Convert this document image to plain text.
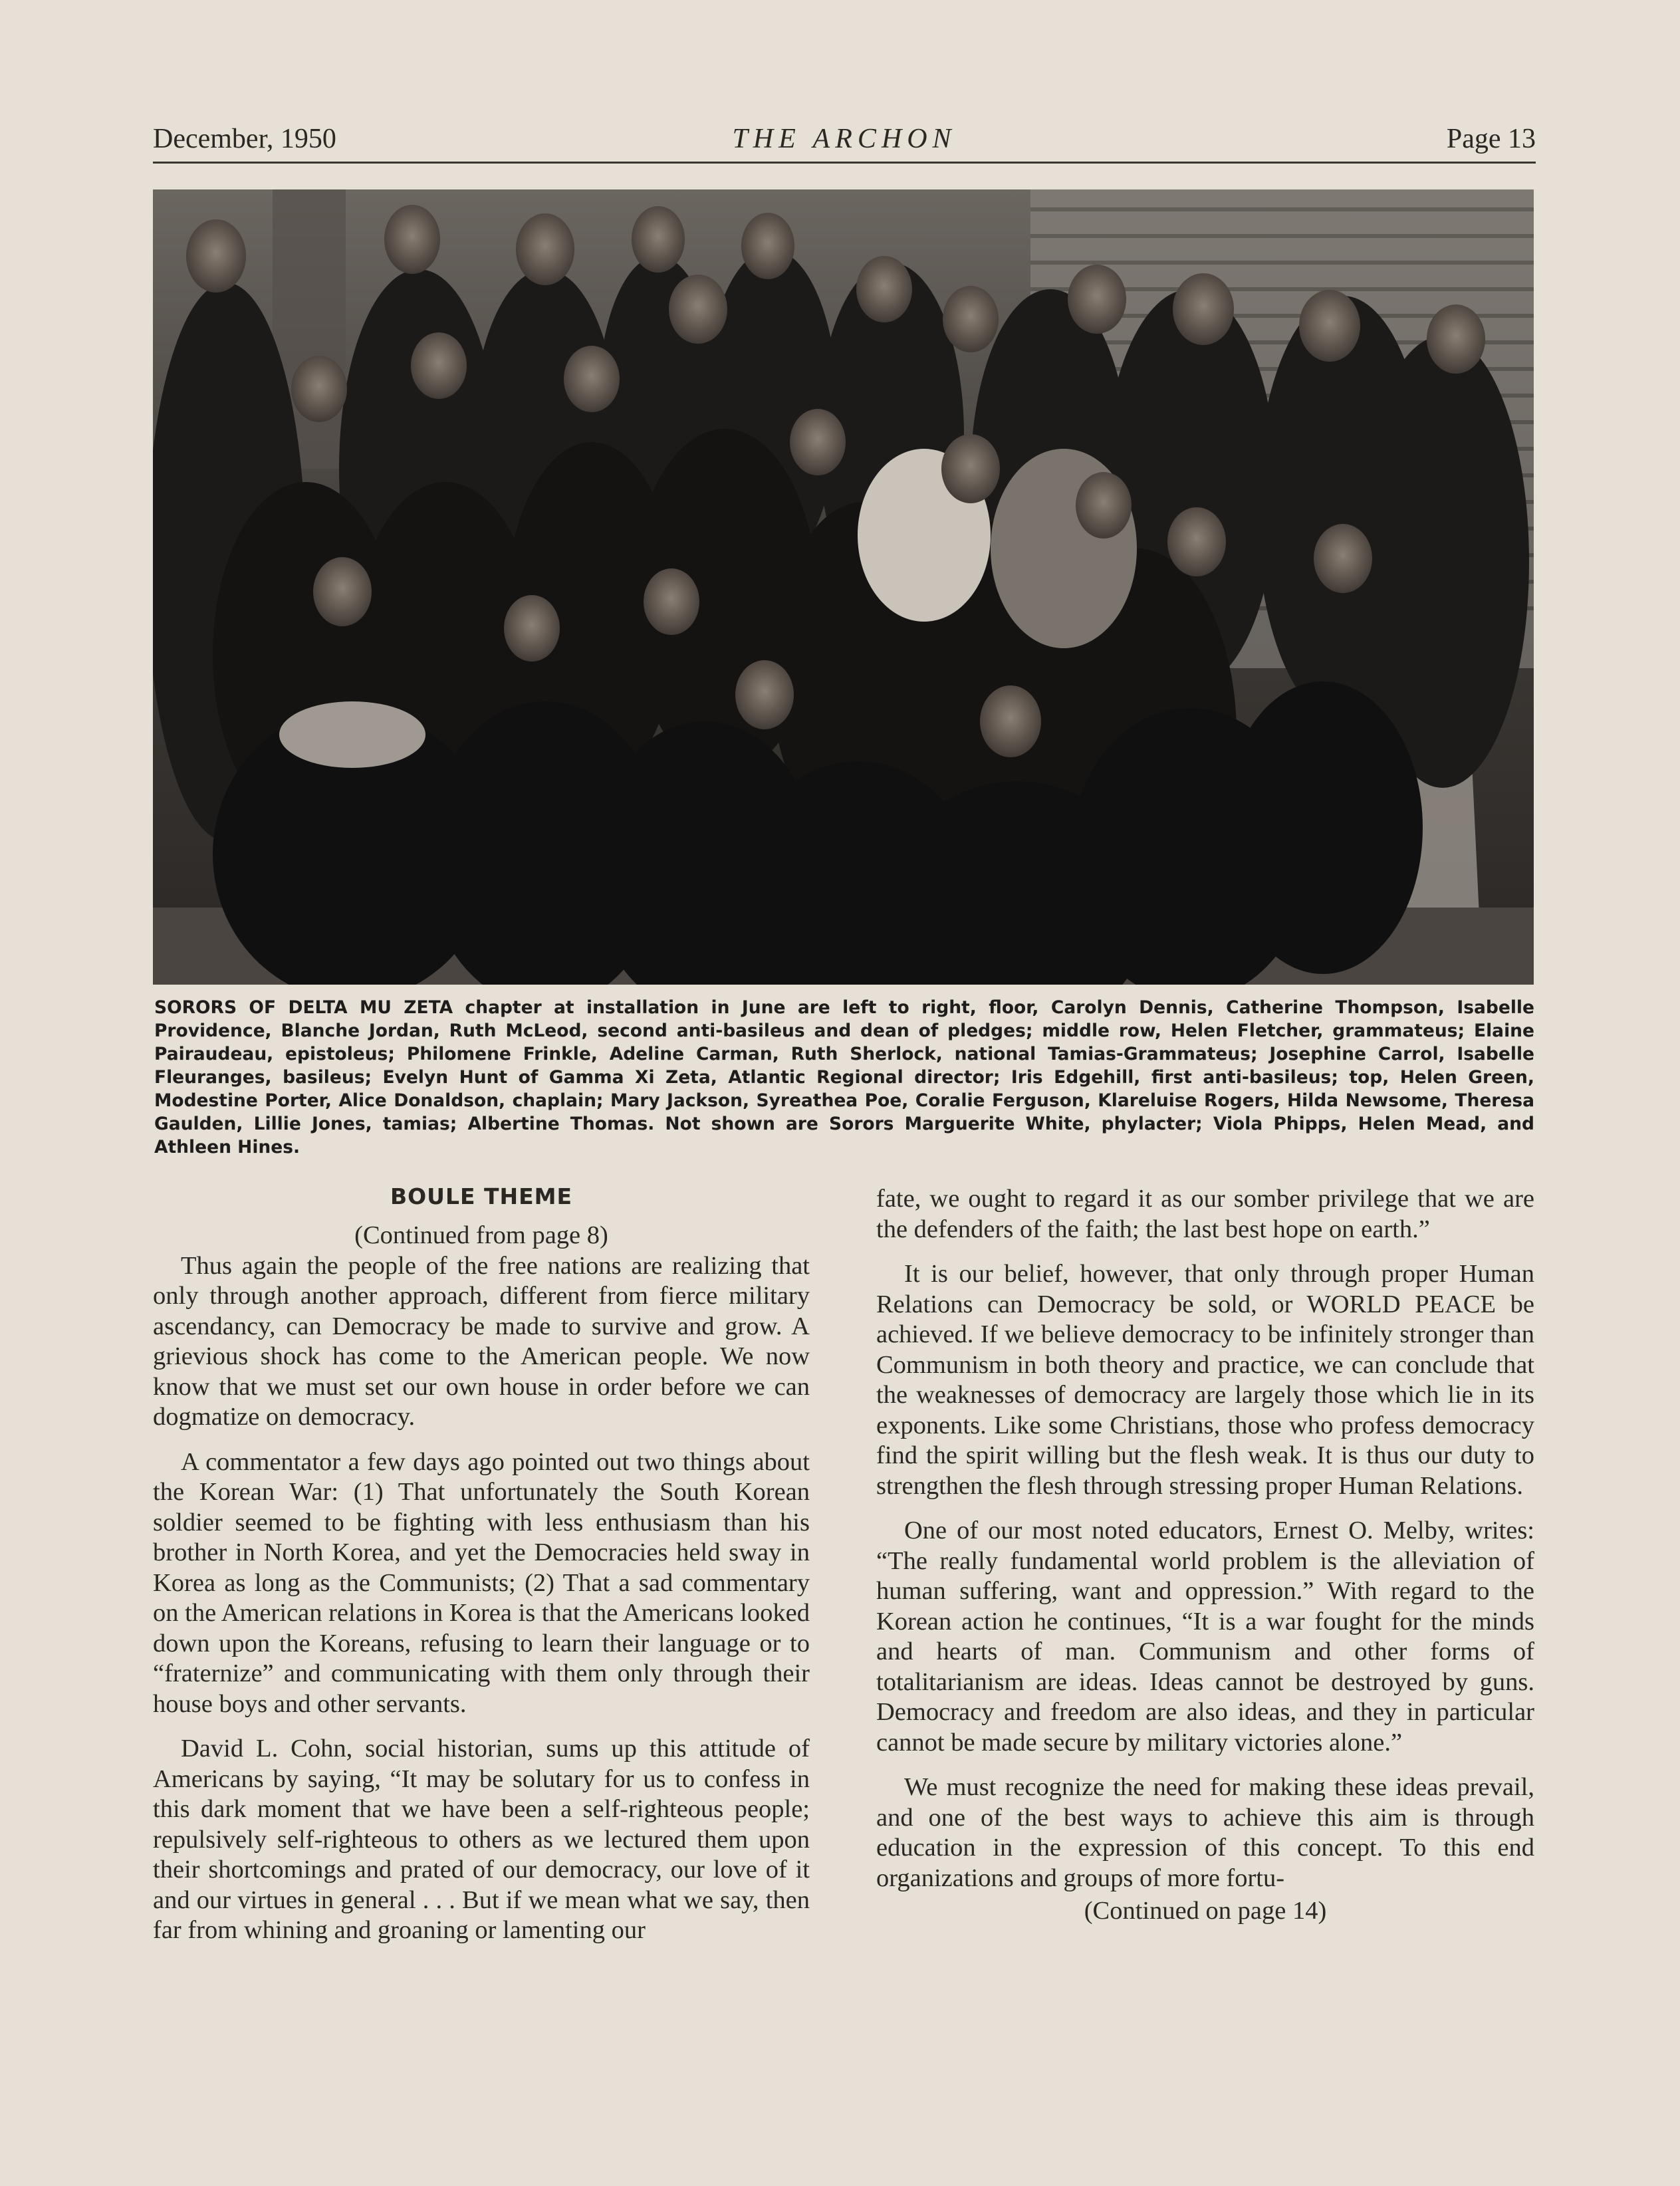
December, 1950	THE ARCHON	Page 13
SORORS OF DELTA MU ZETA chapter at installation in June are left to right, floor, Carolyn Dennis, Catherine Thompson, Isabelle Providence, Blanche Jordan, Ruth McLeod, second anti-basileus and dean of pledges; middle row, Helen Fletcher, grammateus; Elaine Pairaudeau, epistoleus; Philomene Frinkle, Adeline Carman, Ruth Sherlock, national Tamias-Grammateus; Josephine Carrol, Isabelle Fleuranges, basileus; Evelyn Hunt of Gamma Xi Zeta, Atlantic Regional director; Iris Edgehill, first anti-basileus; top, Helen Green, Modestine Porter, Alice Donaldson, chaplain; Mary Jackson, Syreathea Poe, Coralie Ferguson, Klareluise Rogers, Hilda Newsome, Theresa Gaulden, Lillie Jones, tamias; Albertine Thomas. Not shown are Sorors Marguerite White, phylacter; Viola Phipps, Helen Mead, and Athleen Hines.
BOULE THEME
(Continued from page 8)

Thus again the people of the free nations are realizing that only through another approach, different from fierce military ascendancy, can Democracy be made to survive and grow. A grievious shock has come to the American people. We now know that we must set our own house in order before we can dogmatize on democracy.

A commentator a few days ago pointed out two things about the Korean War: (1) That unfortunately the South Korean soldier seemed to be fighting with less enthusiasm than his brother in North Korea, and yet the Democracies held sway in Korea as long as the Communists; (2) That a sad commentary on the American relations in Korea is that the Americans looked down upon the Koreans, refusing to learn their language or to “fraternize” and communicating with them only through their house boys and other servants.

David L. Cohn, social historian, sums up this attitude of Americans by saying, “It may be solutary for us to confess in this dark moment that we have been a self-righteous people; repulsively self-righteous to others as we lectured them upon their shortcomings and prated of our democracy, our love of it and our virtues in general . . . But if we mean what we say, then far from whining and groaning or lamenting our

fate, we ought to regard it as our somber privilege that we are the defenders of the faith; the last best hope on earth.”

It is our belief, however, that only through proper Human Relations can Democracy be sold, or WORLD PEACE be achieved. If we believe democracy to be infinitely stronger than Communism in both theory and practice, we can conclude that the weaknesses of democracy are largely those which lie in its exponents. Like some Christians, those who profess democracy find the spirit willing but the flesh weak. It is thus our duty to strengthen the flesh through stressing proper Human Relations.

One of our most noted educators, Ernest O. Melby, writes: “The really fundamental world problem is the alleviation of human suffering, want and oppression.” With regard to the Korean action he continues, “It is a war fought for the minds and hearts of man. Communism and other forms of totalitarianism are ideas. Ideas cannot be destroyed by guns. Democracy and freedom are also ideas, and they in particular cannot be made secure by military victories alone.”

We must recognize the need for making these ideas prevail, and one of the best ways to achieve this aim is through education in the expression of this concept. To this end organizations and groups of more fortu-

(Continued on page 14)
